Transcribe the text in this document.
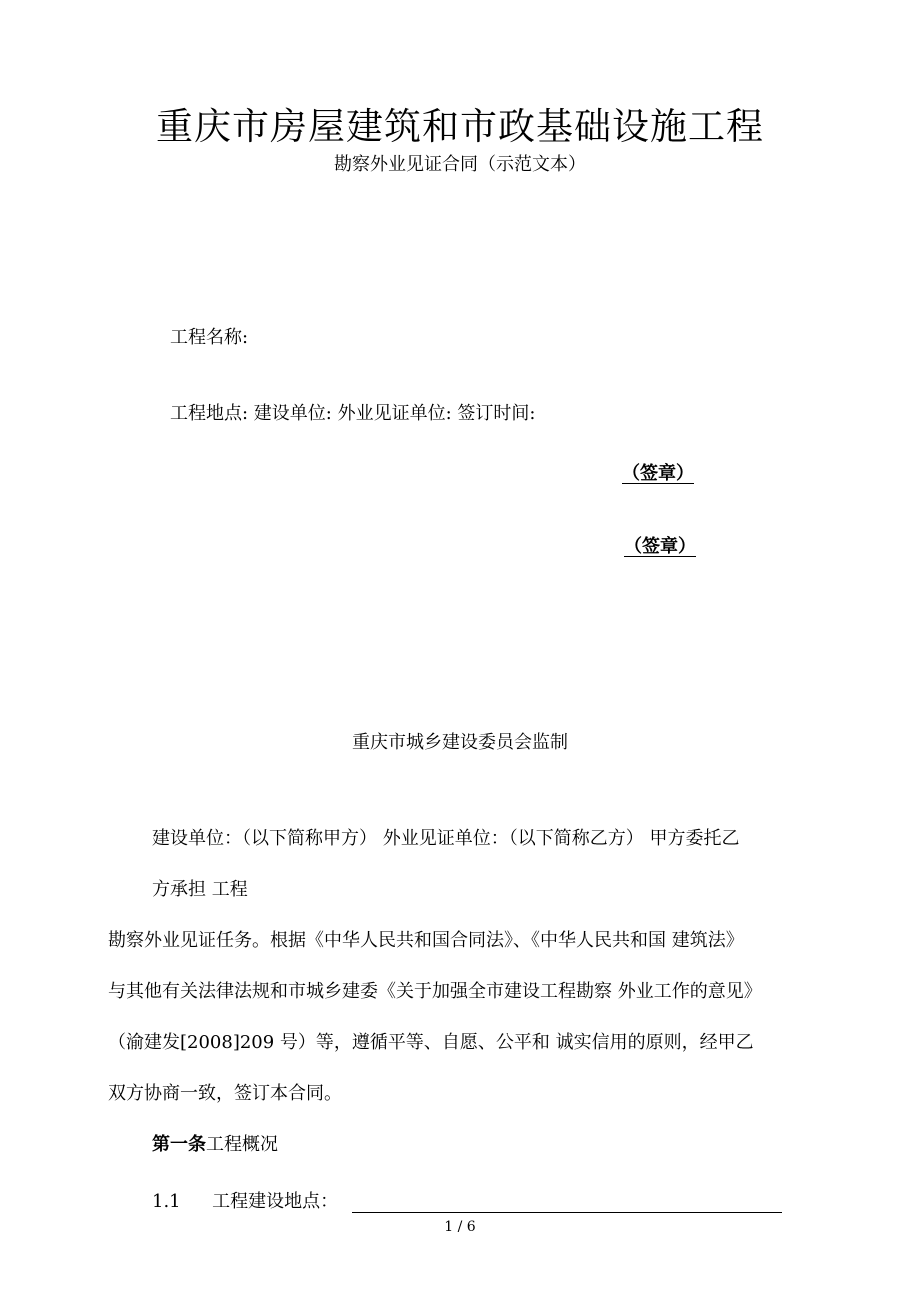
重庆市房屋建筑和市政基础设施工程
勘察外业见证合同（示范文本）
工程名称:
工程地点: 建设单位: 外业见证单位: 签订时间:
（签章）
（签章）
重庆市城乡建设委员会监制
建设单位：（以下简称甲方） 外业见证单位：（以下简称乙方） 甲方委托乙
方承担 工程
勘察外业见证任务。根据《中华人民共和国合同法》、《中华人民共和国 建筑法》
与其他有关法律法规和市城乡建委《关于加强全市建设工程勘察 外业工作的意见》
（渝建发[2008]209 号）等，遵循平等、自愿、公平和 诚实信用的原则，经甲乙
双方协商一致，签订本合同。
第一条工程概况
1.1 工程建设地点：
1 / 6
